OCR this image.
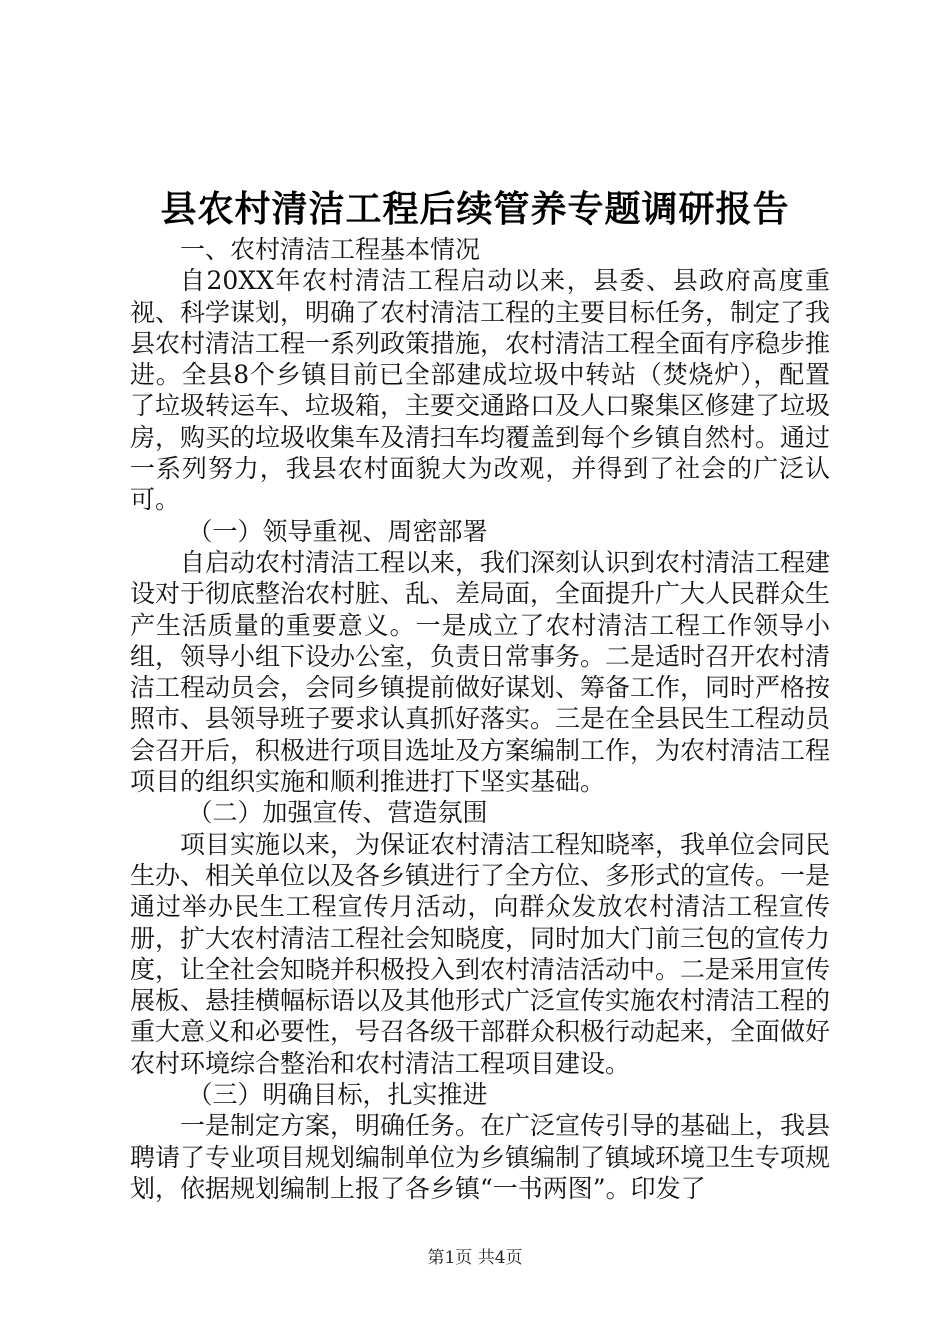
县农村清洁工程后续管养专题调研报告

一、农村清洁工程基本情况

自20XX年农村清洁工程启动以来，县委、县政府高度重视、科学谋划，明确了农村清洁工程的主要目标任务，制定了我县农村清洁工程一系列政策措施，农村清洁工程全面有序稳步推进。全县8个乡镇目前已全部建成垃圾中转站（焚烧炉），配置了垃圾转运车、垃圾箱，主要交通路口及人口聚集区修建了垃圾房，购买的垃圾收集车及清扫车均覆盖到每个乡镇自然村。通过一系列努力，我县农村面貌大为改观，并得到了社会的广泛认可。

（一）领导重视、周密部署

自启动农村清洁工程以来，我们深刻认识到农村清洁工程建设对于彻底整治农村脏、乱、差局面，全面提升广大人民群众生产生活质量的重要意义。一是成立了农村清洁工程工作领导小组，领导小组下设办公室，负责日常事务。二是适时召开农村清洁工程动员会，会同乡镇提前做好谋划、筹备工作，同时严格按照市、县领导班子要求认真抓好落实。三是在全县民生工程动员会召开后，积极进行项目选址及方案编制工作，为农村清洁工程项目的组织实施和顺利推进打下坚实基础。

（二）加强宣传、营造氛围

项目实施以来，为保证农村清洁工程知晓率，我单位会同民生办、相关单位以及各乡镇进行了全方位、多形式的宣传。一是通过举办民生工程宣传月活动，向群众发放农村清洁工程宣传册，扩大农村清洁工程社会知晓度，同时加大门前三包的宣传力度，让全社会知晓并积极投入到农村清洁活动中。二是采用宣传展板、悬挂横幅标语以及其他形式广泛宣传实施农村清洁工程的重大意义和必要性，号召各级干部群众积极行动起来，全面做好农村环境综合整治和农村清洁工程项目建设。

（三）明确目标，扎实推进

一是制定方案，明确任务。在广泛宣传引导的基础上，我县聘请了专业项目规划编制单位为乡镇编制了镇域环境卫生专项规划，依据规划编制上报了各乡镇“一书两图”。印发了

第1页 共4页
